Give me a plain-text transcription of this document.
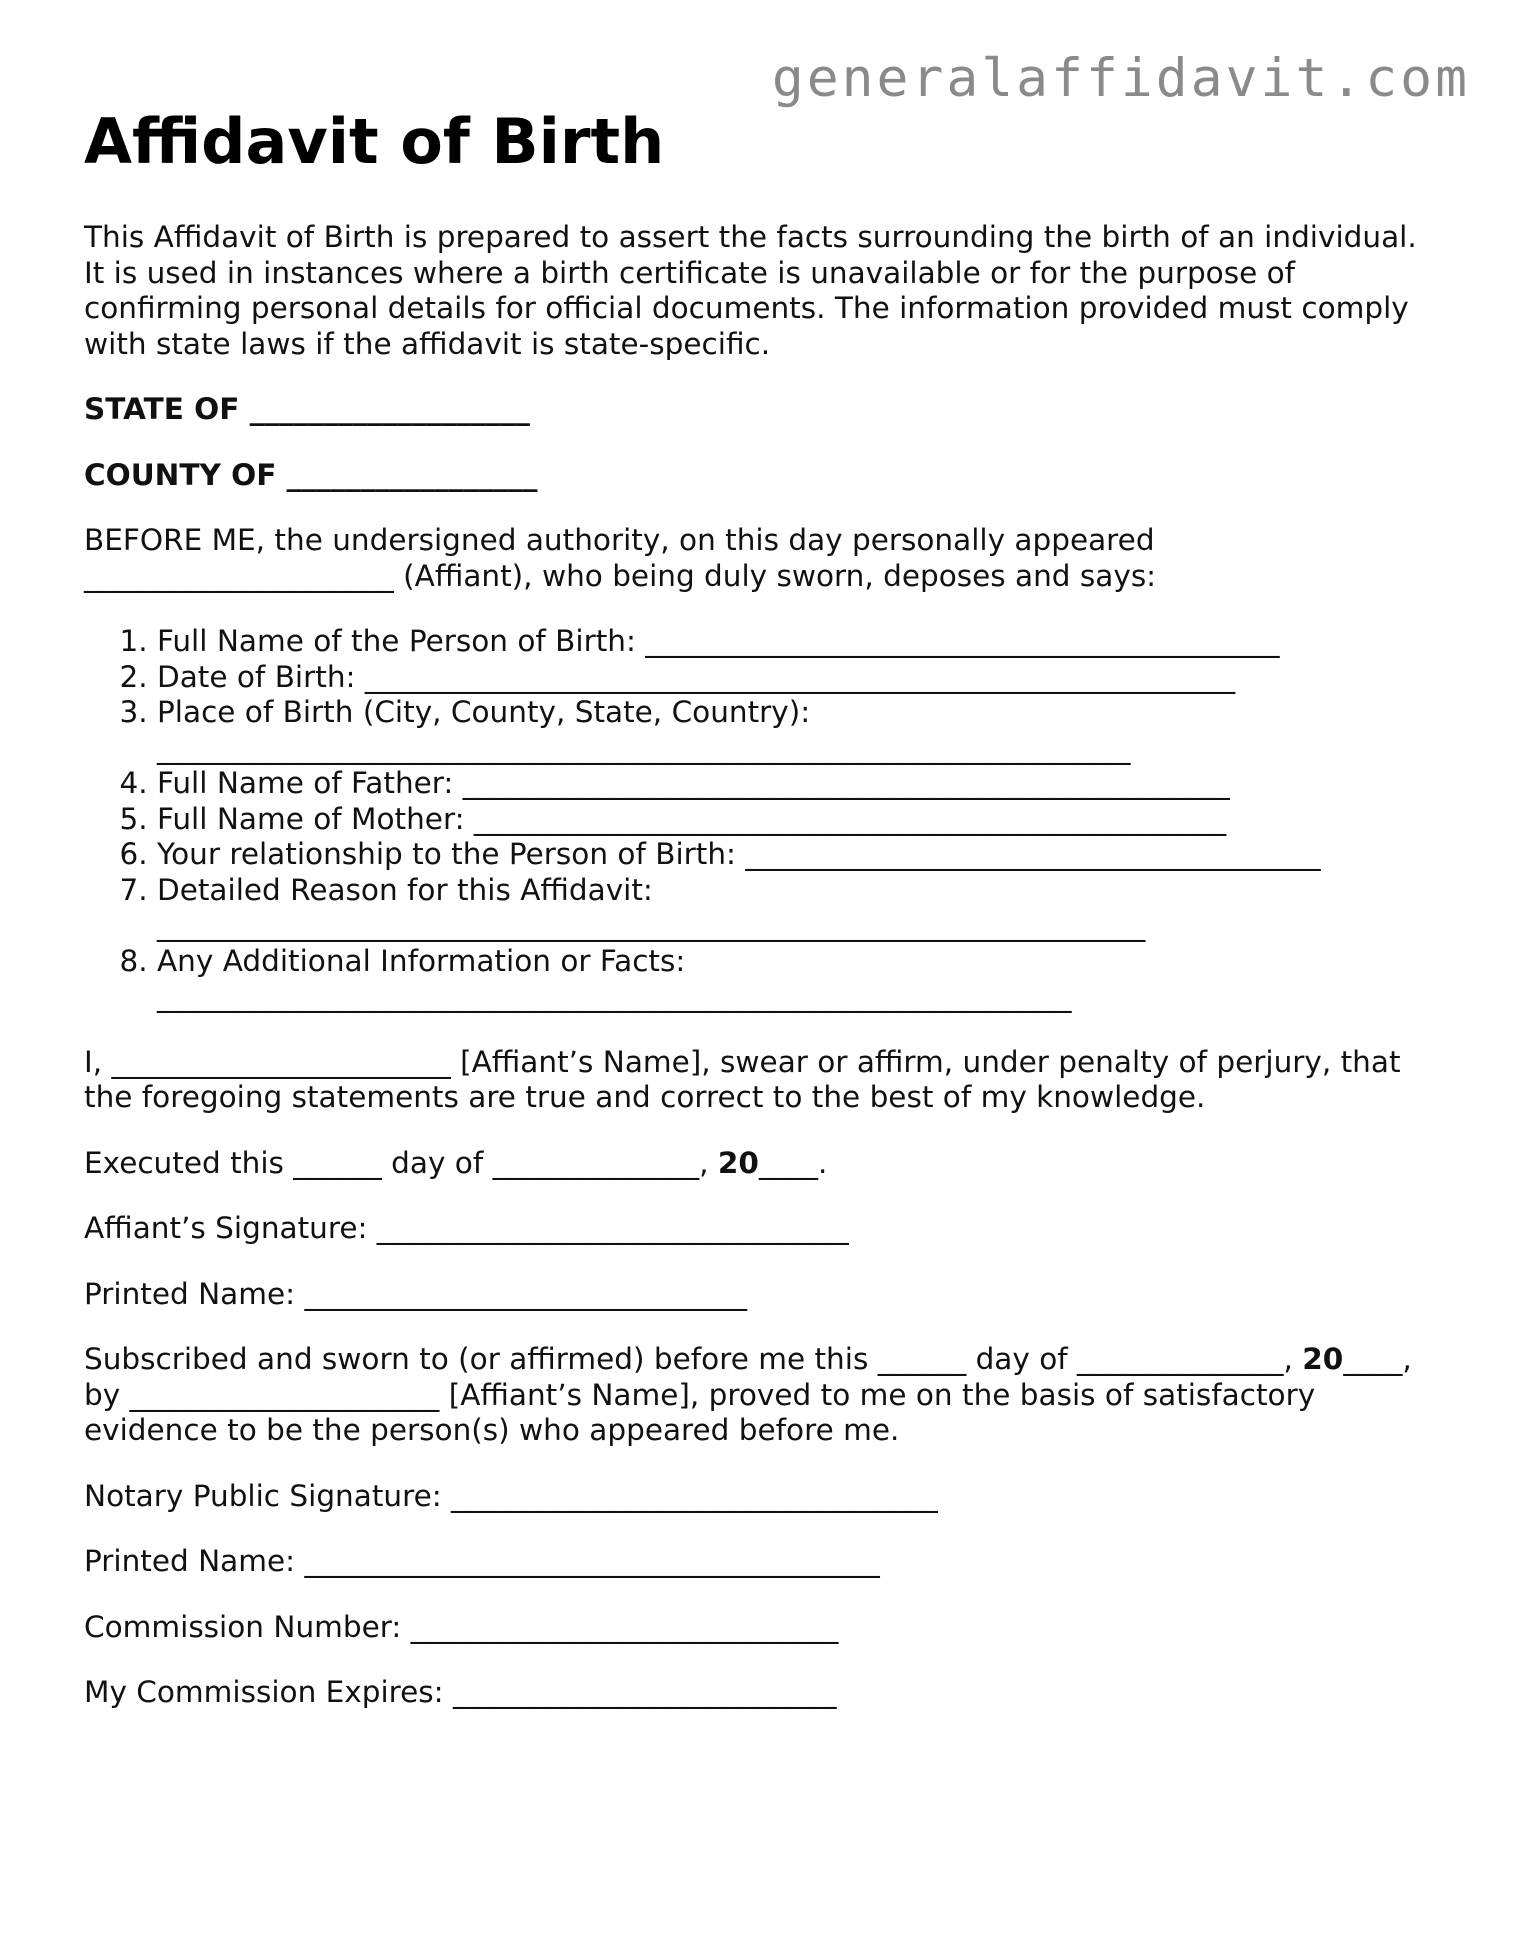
generalaffidavit.com
Affidavit of Birth

This Affidavit of Birth is prepared to assert the facts surrounding the birth of an individual. It is used in instances where a birth certificate is unavailable or for the purpose of confirming personal details for official documents. The information provided must comply with state laws if the affidavit is state-specific.

STATE OF ___________________

COUNTY OF _________________

BEFORE ME, the undersigned authority, on this day personally appeared
_____________________ (Affiant), who being duly sworn, deposes and says:

1. Full Name of the Person of Birth: ___________________________________________
2. Date of Birth: ___________________________________________________________
3. Place of Birth (City, County, State, Country):
__________________________________________________________________
4. Full Name of Father: ____________________________________________________
5. Full Name of Mother: ___________________________________________________
6. Your relationship to the Person of Birth: _______________________________________
7. Detailed Reason for this Affidavit:
___________________________________________________________________
8. Any Additional Information or Facts:
______________________________________________________________

I, _______________________ [Affiant’s Name], swear or affirm, under penalty of perjury, that
the foregoing statements are true and correct to the best of my knowledge.

Executed this ______ day of ______________, 20____.

Affiant’s Signature: ________________________________

Printed Name: ______________________________

Subscribed and sworn to (or affirmed) before me this ______ day of ______________, 20____,
by _____________________ [Affiant’s Name], proved to me on the basis of satisfactory
evidence to be the person(s) who appeared before me.

Notary Public Signature: _________________________________

Printed Name: _______________________________________

Commission Number: _____________________________

My Commission Expires: __________________________
